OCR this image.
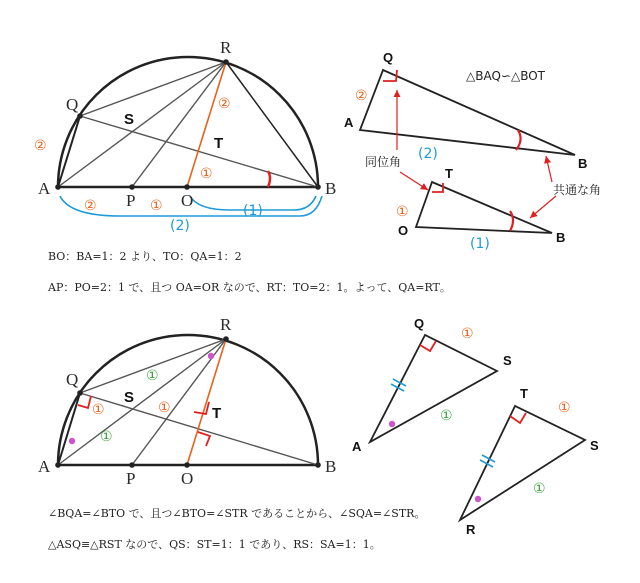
R
Q
S
T
A
P	O
B
②
②
①
②	①
(2)
(1)
△BAQ∽△BOT
Q
A
B
T
O	B
②
(2)
①
(1)
同位角
共通な角
R
Q
S
T
A
P	O
B
①
①	①
①
Q
S
A
①
①
T
S
R
①
①
BO：BA=1：2 より、TO：QA=1：2
AP：PO=2：1 で、且つ OA=OR なので、RT：TO=2：1。よって、QA=RT。
∠BQA=∠BTO で、且つ∠BTO=∠STR であることから、∠SQA=∠STR。
△ASQ≡△RST なので、QS：ST=1：1 であり、RS：SA=1：1。
